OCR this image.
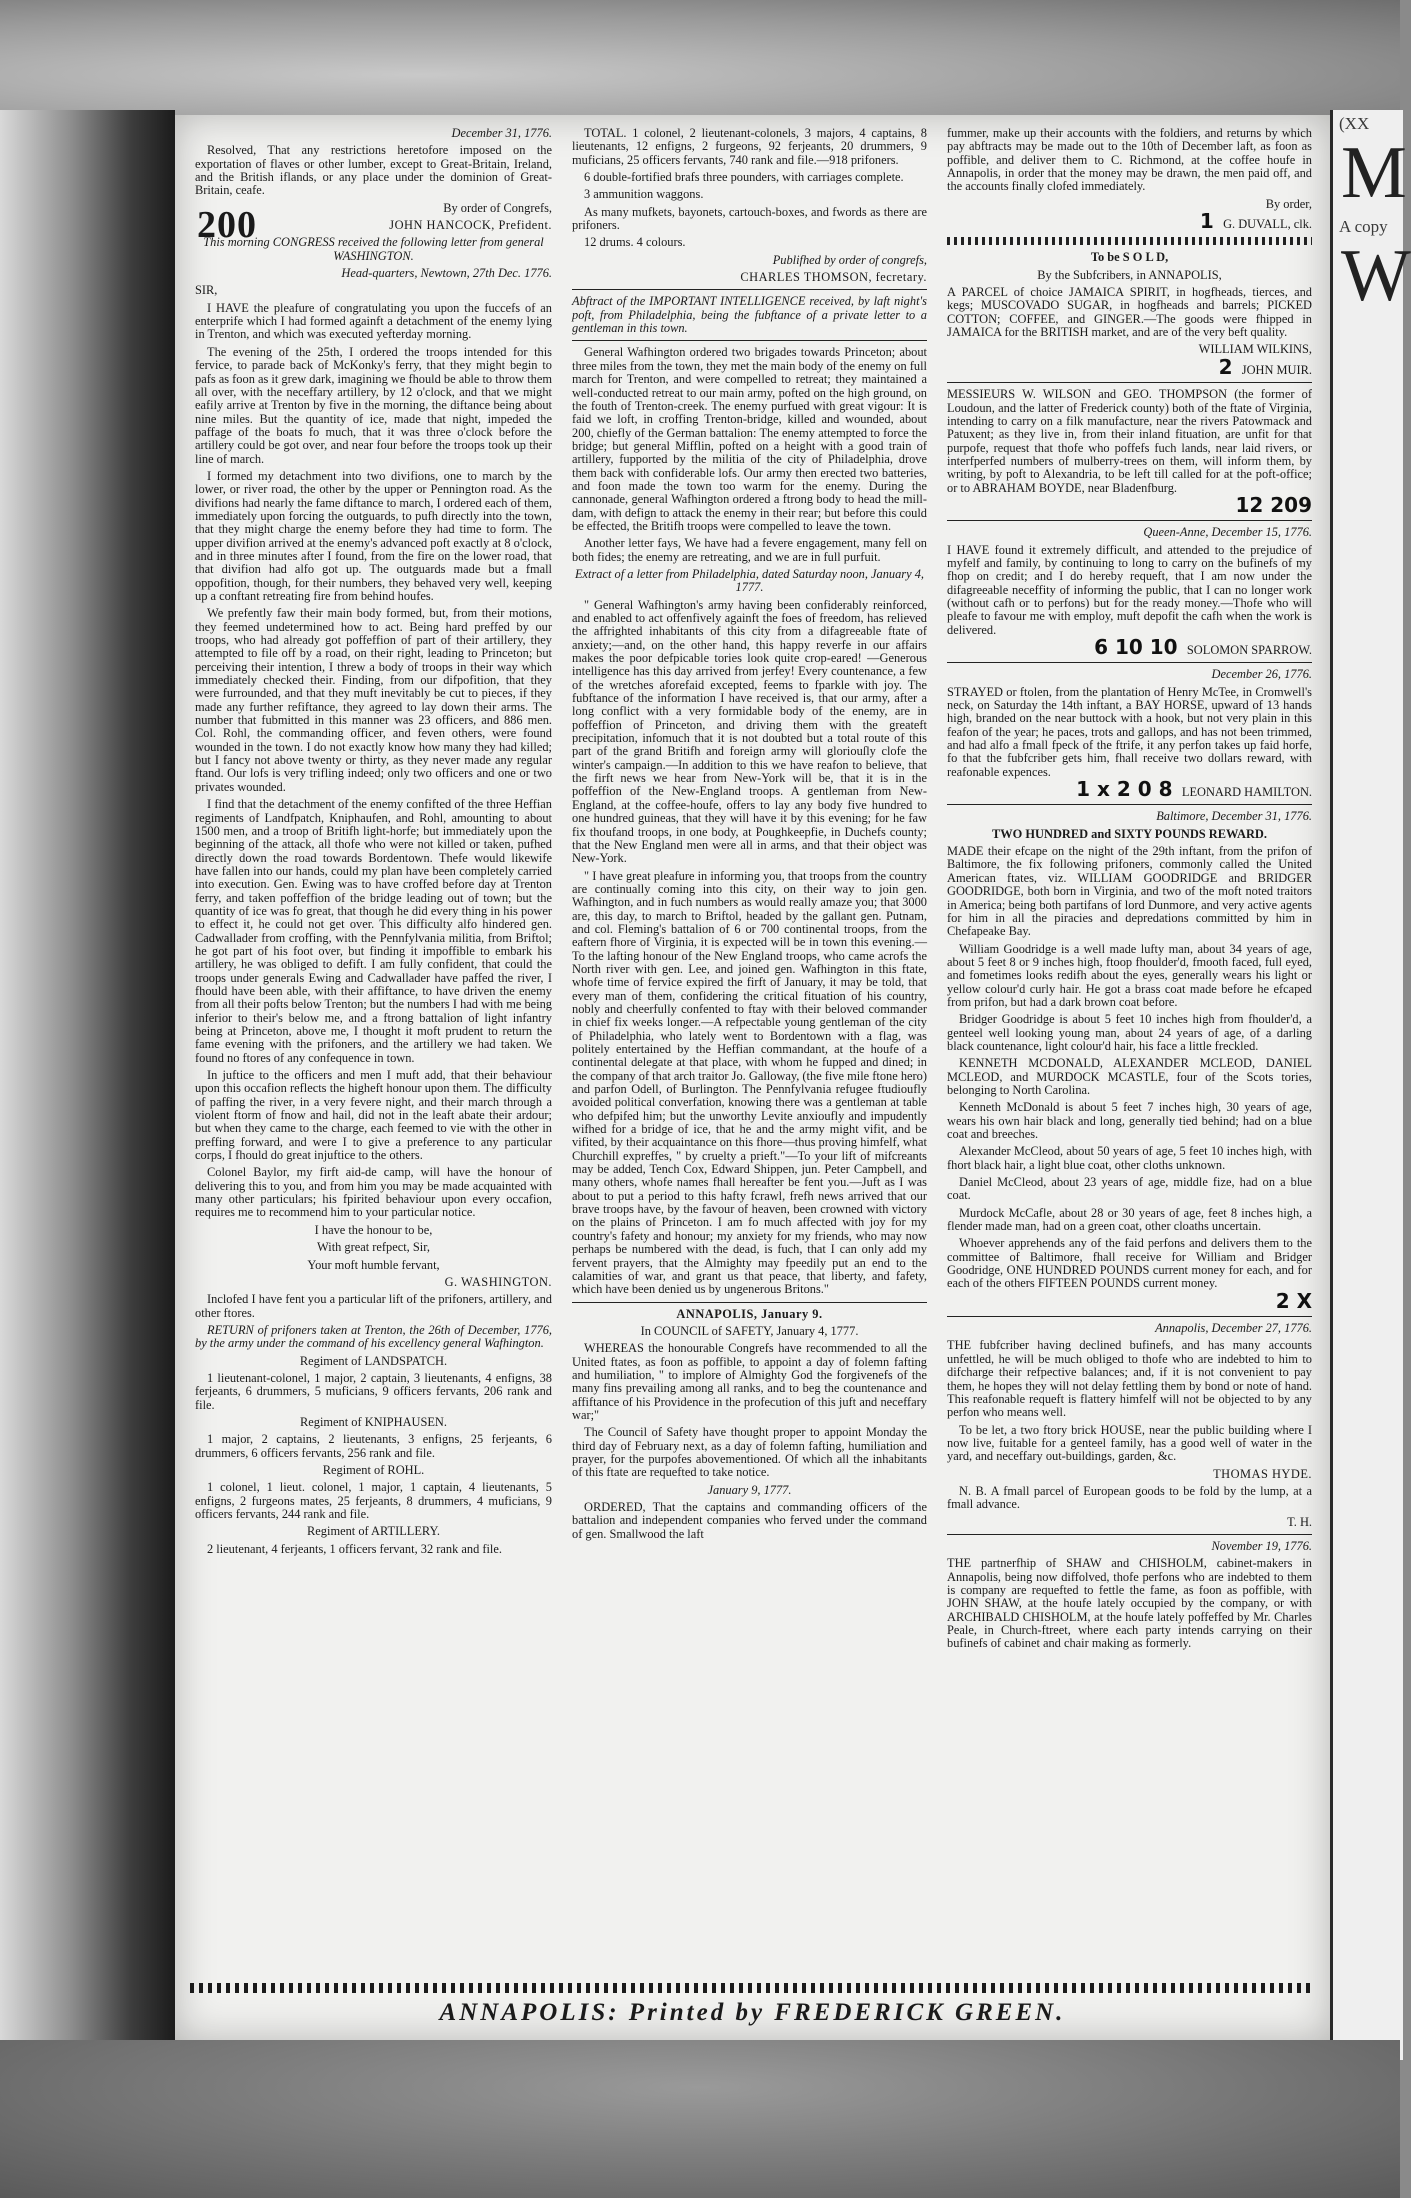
200

December 31, 1776.

Resolved, That any restrictions heretofore imposed on the exportation of flaves or other lumber, except to Great-Britain, Ireland, and the British iflands, or any place under the dominion of Great-Britain, ceafe.

By order of Congrefs,

JOHN HANCOCK, Prefident.

This morning CONGRESS received the following letter from general WASHINGTON.

Head-quarters, Newtown, 27th Dec. 1776.

SIR,

I HAVE the pleafure of congratulating you upon the fuccefs of an enterprife which I had formed againft a detachment of the enemy lying in Trenton, and which was executed yefterday morning.

The evening of the 25th, I ordered the troops intended for this fervice, to parade back of McKonky's ferry, that they might begin to pafs as foon as it grew dark, imagining we fhould be able to throw them all over, with the neceffary artillery, by 12 o'clock, and that we might eafily arrive at Trenton by five in the morning, the diftance being about nine miles. But the quantity of ice, made that night, impeded the paffage of the boats fo much, that it was three o'clock before the artillery could be got over, and near four before the troops took up their line of march.

I formed my detachment into two divifions, one to march by the lower, or river road, the other by the upper or Pennington road. As the divifions had nearly the fame diftance to march, I ordered each of them, immediately upon forcing the outguards, to pufh directly into the town, that they might charge the enemy before they had time to form. The upper divifion arrived at the enemy's advanced poft exactly at 8 o'clock, and in three minutes after I found, from the fire on the lower road, that that divifion had alfo got up. The outguards made but a fmall oppofition, though, for their numbers, they behaved very well, keeping up a conftant retreating fire from behind houfes.

We prefently faw their main body formed, but, from their motions, they feemed undetermined how to act. Being hard preffed by our troops, who had already got poffeffion of part of their artillery, they attempted to file off by a road, on their right, leading to Princeton; but perceiving their intention, I threw a body of troops in their way which immediately checked their. Finding, from our difpofition, that they were furrounded, and that they muft inevitably be cut to pieces, if they made any further refiftance, they agreed to lay down their arms. The number that fubmitted in this manner was 23 officers, and 886 men. Col. Rohl, the commanding officer, and feven others, were found wounded in the town. I do not exactly know how many they had killed; but I fancy not above twenty or thirty, as they never made any regular ftand. Our lofs is very trifling indeed; only two officers and one or two privates wounded.

I find that the detachment of the enemy confifted of the three Heffian regiments of Landfpatch, Kniphaufen, and Rohl, amounting to about 1500 men, and a troop of Britifh light-horfe; but immediately upon the beginning of the attack, all thofe who were not killed or taken, pufhed directly down the road towards Bordentown. Thefe would likewife have fallen into our hands, could my plan have been completely carried into execution. Gen. Ewing was to have croffed before day at Trenton ferry, and taken poffeffion of the bridge leading out of town; but the quantity of ice was fo great, that though he did every thing in his power to effect it, he could not get over. This difficulty alfo hindered gen. Cadwallader from croffing, with the Pennfylvania militia, from Briftol; he got part of his foot over, but finding it impoffible to embark his artillery, he was obliged to defift. I am fully confident, that could the troops under generals Ewing and Cadwallader have paffed the river, I fhould have been able, with their affiftance, to have driven the enemy from all their pofts below Trenton; but the numbers I had with me being inferior to their's below me, and a ftrong battalion of light infantry being at Princeton, above me, I thought it moft prudent to return the fame evening with the prifoners, and the artillery we had taken. We found no ftores of any confequence in town.

In juftice to the officers and men I muft add, that their behaviour upon this occafion reflects the higheft honour upon them. The difficulty of paffing the river, in a very fevere night, and their march through a violent ftorm of fnow and hail, did not in the leaft abate their ardour; but when they came to the charge, each feemed to vie with the other in preffing forward, and were I to give a preference to any particular corps, I fhould do great injuftice to the others.

Colonel Baylor, my firft aid-de camp, will have the honour of delivering this to you, and from him you may be made acquainted with many other particulars; his fpirited behaviour upon every occafion, requires me to recommend him to your particular notice.

I have the honour to be,

With great refpect, Sir,

Your moft humble fervant,

G. WASHINGTON.

Inclofed I have fent you a particular lift of the prifoners, artillery, and other ftores.

RETURN of prifoners taken at Trenton, the 26th of December, 1776, by the army under the command of his excellency general Wafhington.

Regiment of LANDSPATCH.

1 lieutenant-colonel, 1 major, 2 captain, 3 lieutenants, 4 enfigns, 38 ferjeants, 6 drummers, 5 muficians, 9 officers fervants, 206 rank and file.

Regiment of KNIPHAUSEN.

1 major, 2 captains, 2 lieutenants, 3 enfigns, 25 ferjeants, 6 drummers, 6 officers fervants, 256 rank and file.

Regiment of ROHL.

1 colonel, 1 lieut. colonel, 1 major, 1 captain, 4 lieutenants, 5 enfigns, 2 furgeons mates, 25 ferjeants, 8 drummers, 4 muficians, 9 officers fervants, 244 rank and file.

Regiment of ARTILLERY.

2 lieutenant, 4 ferjeants, 1 officers fervant, 32 rank and file.

TOTAL. 1 colonel, 2 lieutenant-colonels, 3 majors, 4 captains, 8 lieutenants, 12 enfigns, 2 furgeons, 92 ferjeants, 20 drummers, 9 muficians, 25 officers fervants, 740 rank and file.—918 prifoners.

6 double-fortified brafs three pounders, with carriages complete.

3 ammunition waggons.

As many mufkets, bayonets, cartouch-boxes, and fwords as there are prifoners.

12 drums. 4 colours.

Publifhed by order of congrefs,

CHARLES THOMSON, fecretary.

Abftract of the IMPORTANT INTELLIGENCE received, by laft night's poft, from Philadelphia, being the fubftance of a private letter to a gentleman in this town.

General Wafhington ordered two brigades towards Princeton; about three miles from the town, they met the main body of the enemy on full march for Trenton, and were compelled to retreat; they maintained a well-conducted retreat to our main army, pofted on the high ground, on the fouth of Trenton-creek. The enemy purfued with great vigour: It is faid we loft, in croffing Trenton-bridge, killed and wounded, about 200, chiefly of the German battalion: The enemy attempted to force the bridge; but general Mifflin, pofted on a height with a good train of artillery, fupported by the militia of the city of Philadelphia, drove them back with confiderable lofs. Our army then erected two batteries, and foon made the town too warm for the enemy. During the cannonade, general Wafhington ordered a ftrong body to head the mill-dam, with defign to attack the enemy in their rear; but before this could be effected, the Britifh troops were compelled to leave the town.

Another letter fays, We have had a fevere engagement, many fell on both fides; the enemy are retreating, and we are in full purfuit.

Extract of a letter from Philadelphia, dated Saturday noon, January 4, 1777.

" General Wafhington's army having been confiderably reinforced, and enabled to act offenfively againft the foes of freedom, has relieved the affrighted inhabitants of this city from a difagreeable ftate of anxiety;—and, on the other hand, this happy reverfe in our affairs makes the poor defpicable tories look quite crop-eared! —Generous intelligence has this day arrived from jerfey! Every countenance, a few of the wretches aforefaid excepted, feems to fparkle with joy. The fubftance of the information I have received is, that our army, after a long conflict with a very formidable body of the enemy, are in poffeffion of Princeton, and driving them with the greateft precipitation, infomuch that it is not doubted but a total route of this part of the grand Britifh and foreign army will gloriouſly clofe the winter's campaign.—In addition to this we have reafon to believe, that the firft news we hear from New-York will be, that it is in the poffeffion of the New-England troops. A gentleman from New-England, at the coffee-houfe, offers to lay any body five hundred to one hundred guineas, that they will have it by this evening; for he faw fix thoufand troops, in one body, at Poughkeepfie, in Duchefs county; that the New England men were all in arms, and that their object was New-York.

" I have great pleafure in informing you, that troops from the country are continually coming into this city, on their way to join gen. Wafhington, and in fuch numbers as would really amaze you; that 3000 are, this day, to march to Briftol, headed by the gallant gen. Putnam, and col. Fleming's battalion of 6 or 700 continental troops, from the eaftern fhore of Virginia, it is expected will be in town this evening.—To the lafting honour of the New England troops, who came acrofs the North river with gen. Lee, and joined gen. Wafhington in this ftate, whofe time of fervice expired the firft of January, it may be told, that every man of them, confidering the critical fituation of his country, nobly and cheerfully confented to ftay with their beloved commander in chief fix weeks longer.—A refpectable young gentleman of the city of Philadelphia, who lately went to Bordentown with a flag, was politely entertained by the Heffian commandant, at the houfe of a continental delegate at that place, with whom he fupped and dined; in the company of that arch traitor Jo. Galloway, (the five mile ftone hero) and parfon Odell, of Burlington. The Pennfylvania refugee ftudioufly avoided political converfation, knowing there was a gentleman at table who defpifed him; but the unworthy Levite anxioufly and impudently wifhed for a bridge of ice, that he and the army might vifit, and be vifited, by their acquaintance on this fhore—thus proving himfelf, what Churchill expreffes, " by cruelty a prieft."—To your lift of mifcreants may be added, Tench Cox, Edward Shippen, jun. Peter Campbell, and many others, whofe names fhall hereafter be fent you.—Juft as I was about to put a period to this hafty fcrawl, frefh news arrived that our brave troops have, by the favour of heaven, been crowned with victory on the plains of Princeton. I am fo much affected with joy for my country's fafety and honour; my anxiety for my friends, who may now perhaps be numbered with the dead, is fuch, that I can only add my fervent prayers, that the Almighty may fpeedily put an end to the calamities of war, and grant us that peace, that liberty, and fafety, which have been denied us by ungenerous Britons."

ANNAPOLIS, January 9.

In COUNCIL of SAFETY, January 4, 1777.

WHEREAS the honourable Congrefs have recommended to all the United ftates, as foon as poffible, to appoint a day of folemn fafting and humiliation, " to implore of Almighty God the forgivenefs of the many fins prevailing among all ranks, and to beg the countenance and affiftance of his Providence in the profecution of this juft and neceffary war;"

The Council of Safety have thought proper to appoint Monday the third day of February next, as a day of folemn fafting, humiliation and prayer, for the purpofes abovementioned. Of which all the inhabitants of this ftate are requefted to take notice.

January 9, 1777.

ORDERED, That the captains and commanding officers of the battalion and independent companies who ferved under the command of gen. Smallwood the laft

fummer, make up their accounts with the foldiers, and returns by which pay abftracts may be made out to the 10th of December laft, as foon as poffible, and deliver them to C. Richmond, at the coffee houfe in Annapolis, in order that the money may be drawn, the men paid off, and the accounts finally clofed immediately.

By order,

1 G. DUVALL, clk.

To be S O L D,

By the Subfcribers, in ANNAPOLIS,

A PARCEL of choice JAMAICA SPIRIT, in hogfheads, tierces, and kegs; MUSCOVADO SUGAR, in hogfheads and barrels; PICKED COTTON; COFFEE, and GINGER.—The goods were fhipped in JAMAICA for the BRITISH market, and are of the very beft quality.

WILLIAM WILKINS,

2 JOHN MUIR.

MESSIEURS W. WILSON and GEO. THOMPSON (the former of Loudoun, and the latter of Frederick county) both of the ftate of Virginia, intending to carry on a filk manufacture, near the rivers Patowmack and Patuxent; as they live in, from their inland fituation, are unfit for that purpofe, request that thofe who poffefs fuch lands, near laid rivers, or interfperfed numbers of mulberry-trees on them, will inform them, by writing, by poft to Alexandria, to be left till called for at the poft-office; or to ABRAHAM BOYDE, near Bladenfburg.

12 209

Queen-Anne, December 15, 1776.

I HAVE found it extremely difficult, and attended to the prejudice of myfelf and family, by continuing to long to carry on the bufinefs of my fhop on credit; and I do hereby requeft, that I am now under the difagreeable neceffity of informing the public, that I can no longer work (without cafh or to perfons) but for the ready money.—Thofe who will pleafe to favour me with employ, muft depofit the cafh when the work is delivered.

6 10 10 SOLOMON SPARROW.

December 26, 1776.

STRAYED or ftolen, from the plantation of Henry McTee, in Cromwell's neck, on Saturday the 14th inftant, a BAY HORSE, upward of 13 hands high, branded on the near buttock with a hook, but not very plain in this feafon of the year; he paces, trots and gallops, and has not been trimmed, and had alfo a fmall fpeck of the ftrife, it any perfon takes up faid horfe, fo that the fubfcriber gets him, fhall receive two dollars reward, with reafonable expences.

1 x 2 0 8 LEONARD HAMILTON.

Baltimore, December 31, 1776.

TWO HUNDRED and SIXTY POUNDS REWARD.

MADE their efcape on the night of the 29th inftant, from the prifon of Baltimore, the fix following prifoners, commonly called the United American ftates, viz. WILLIAM GOODRIDGE and BRIDGER GOODRIDGE, both born in Virginia, and two of the moft noted traitors in America; being both partifans of lord Dunmore, and very active agents for him in all the piracies and depredations committed by him in Chefapeake Bay.

William Goodridge is a well made lufty man, about 34 years of age, about 5 feet 8 or 9 inches high, ftoop fhoulder'd, fmooth faced, full eyed, and fometimes looks redifh about the eyes, generally wears his light or yellow colour'd curly hair. He got a brass coat made before he efcaped from prifon, but had a dark brown coat before.

Bridger Goodridge is about 5 feet 10 inches high from fhoulder'd, a genteel well looking young man, about 24 years of age, of a darling black countenance, light colour'd hair, his face a little freckled.

KENNETH MCDONALD, ALEXANDER MCLEOD, DANIEL MCLEOD, and MURDOCK MCASTLE, four of the Scots tories, belonging to North Carolina.

Kenneth McDonald is about 5 feet 7 inches high, 30 years of age, wears his own hair black and long, generally tied behind; had on a blue coat and breeches.

Alexander McCleod, about 50 years of age, 5 feet 10 inches high, with fhort black hair, a light blue coat, other cloths unknown.

Daniel McCleod, about 23 years of age, middle fize, had on a blue coat.

Murdock McCafle, about 28 or 30 years of age, feet 8 inches high, a flender made man, had on a green coat, other cloaths uncertain.

Whoever apprehends any of the faid perfons and delivers them to the committee of Baltimore, fhall receive for William and Bridger Goodridge, ONE HUNDRED POUNDS current money for each, and for each of the others FIFTEEN POUNDS current money.

2 X

Annapolis, December 27, 1776.

THE fubfcriber having declined bufinefs, and has many accounts unfettled, he will be much obliged to thofe who are indebted to him to difcharge their refpective balances; and, if it is not convenient to pay them, he hopes they will not delay fettling them by bond or note of hand. This reafonable requeft is flattery himfelf will not be objected to by any perfon who means well.

To be let, a two ftory brick HOUSE, near the public building where I now live, fuitable for a genteel family, has a good well of water in the yard, and neceffary out-buildings, garden, &c.

THOMAS HYDE.

N. B. A fmall parcel of European goods to be fold by the lump, at a fmall advance.

T. H.

November 19, 1776.

THE partnerfhip of SHAW and CHISHOLM, cabinet-makers in Annapolis, being now diffolved, thofe perfons who are indebted to them is company are requefted to fettle the fame, as foon as poffible, with JOHN SHAW, at the houfe lately occupied by the company, or with ARCHIBALD CHISHOLM, at the houfe lately poffeffed by Mr. Charles Peale, in Church-ftreet, where each party intends carrying on their bufinefs of cabinet and chair making as formerly.

ANNAPOLIS: Printed by FREDERICK GREEN.
(XX
M
A copy
W
